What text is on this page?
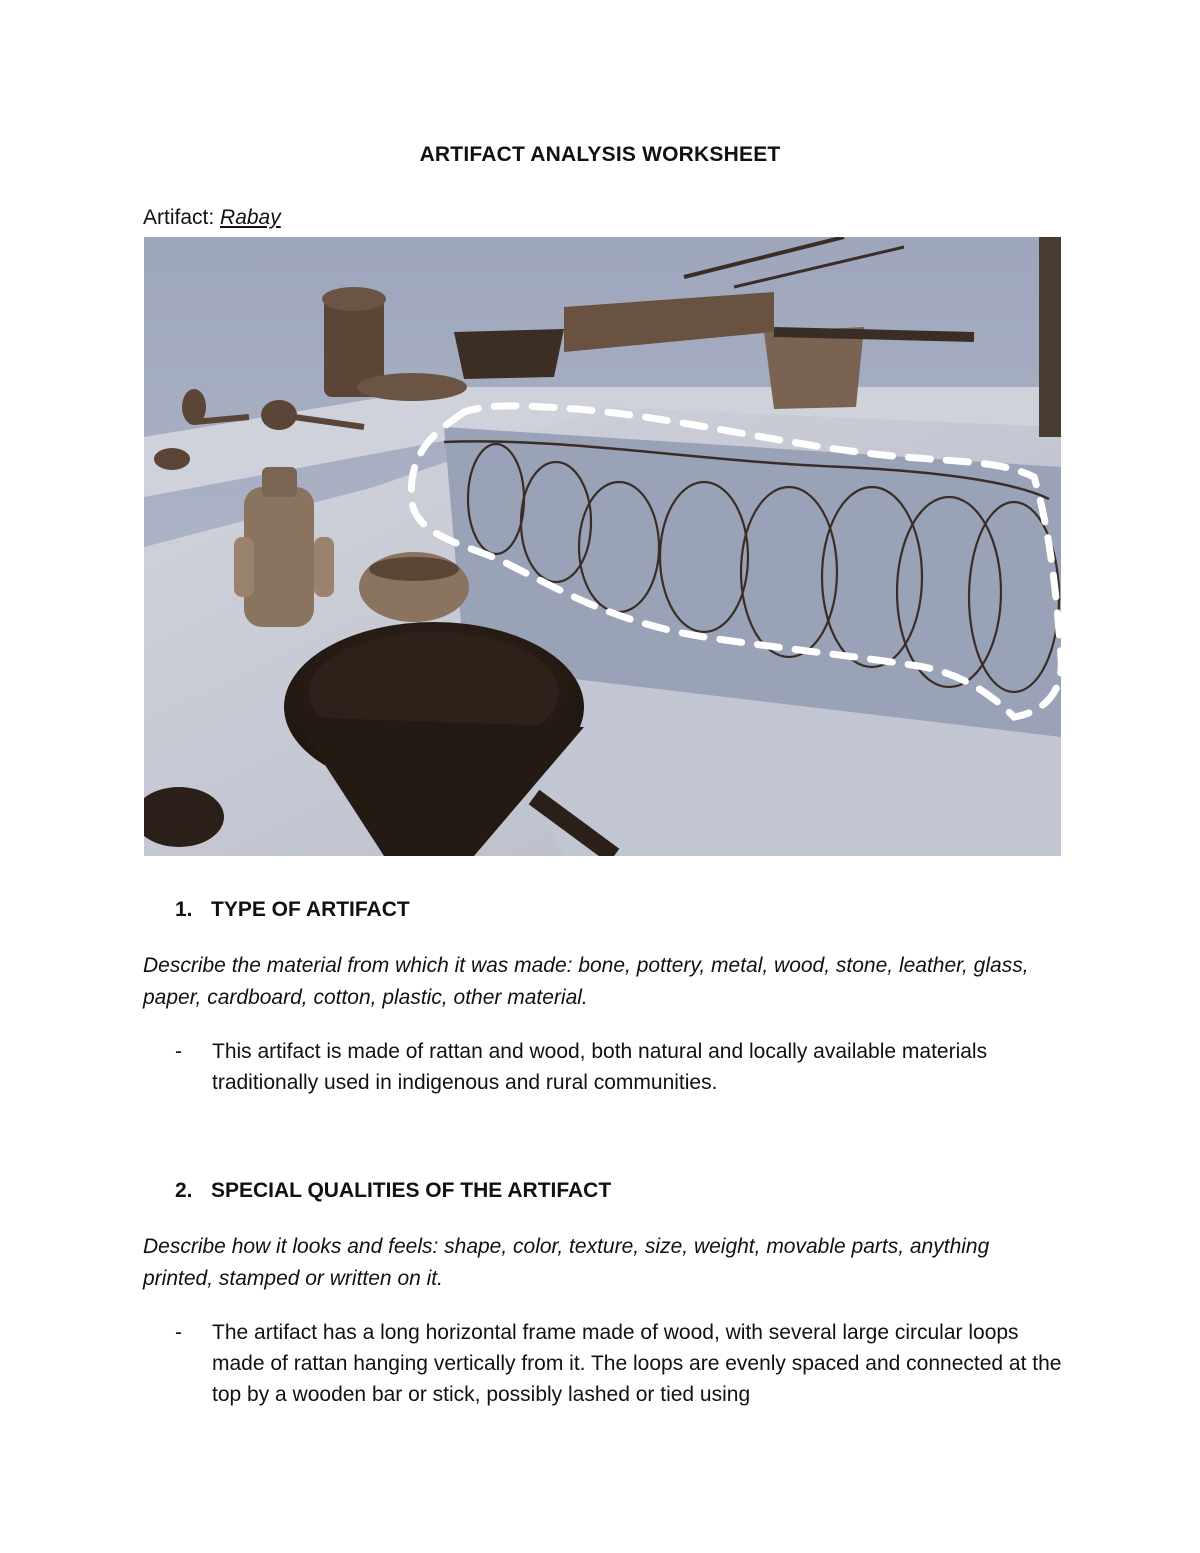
ARTIFACT ANALYSIS WORKSHEET
Artifact: Rabay
1. TYPE OF ARTIFACT
Describe the material from which it was made: bone, pottery, metal, wood, stone, leather, glass, paper, cardboard, cotton, plastic, other material.
- This artifact is made of rattan and wood, both natural and locally available materials traditionally used in indigenous and rural communities.
2. SPECIAL QUALITIES OF THE ARTIFACT
Describe how it looks and feels: shape, color, texture, size, weight, movable parts, anything printed, stamped or written on it.
- The artifact has a long horizontal frame made of wood, with several large circular loops made of rattan hanging vertically from it. The loops are evenly spaced and connected at the top by a wooden bar or stick, possibly lashed or tied using
